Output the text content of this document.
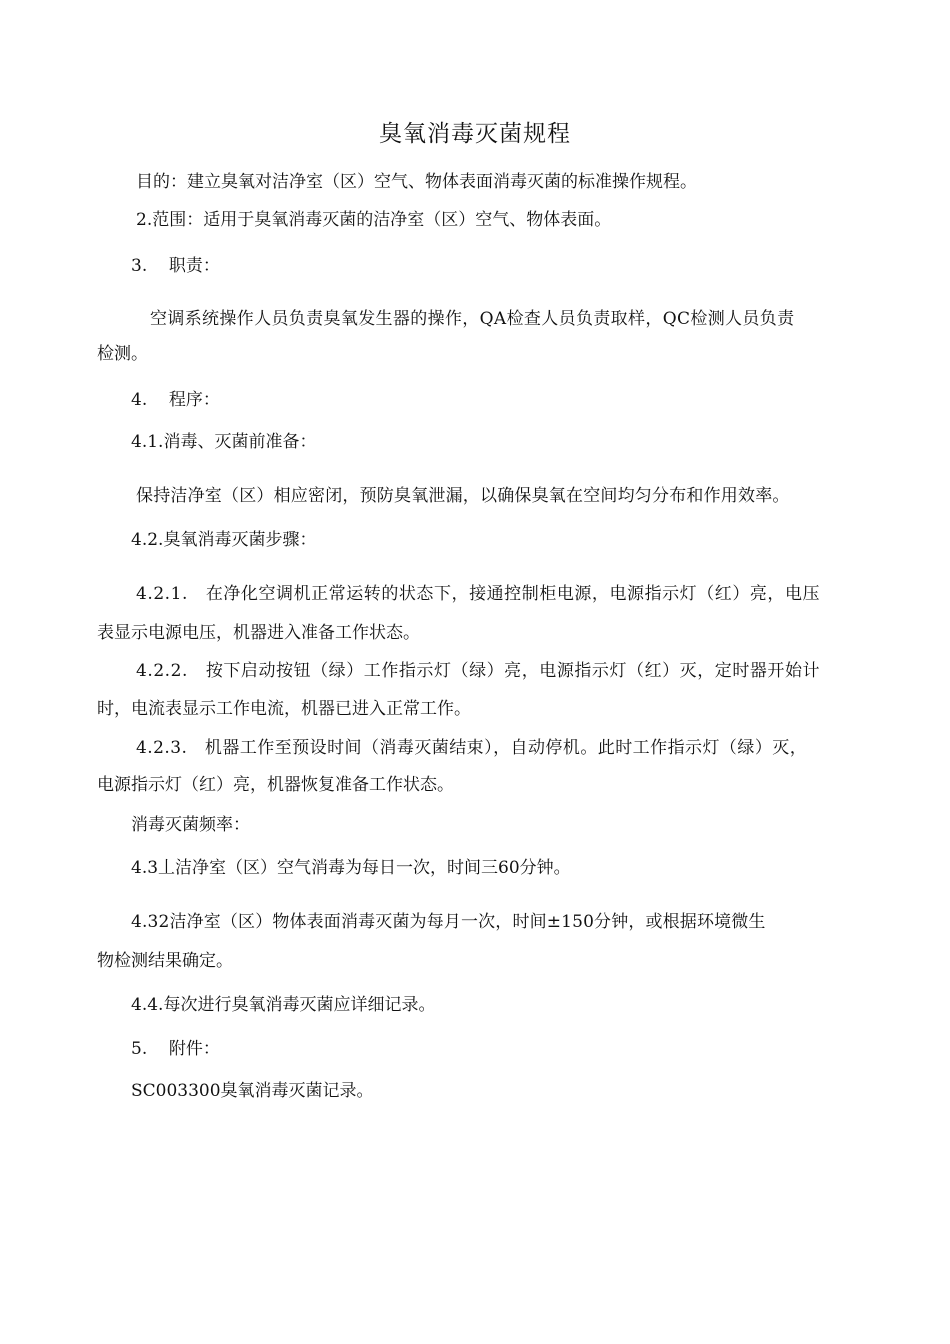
臭氧消毒灭菌规程
目的：建立臭氧对洁净室（区）空气、物体表面消毒灭菌的标准操作规程。
2.范围：适用于臭氧消毒灭菌的洁净室（区）空气、物体表面。
3.    职责：
空调系统操作人员负责臭氧发生器的操作，QA检查人员负责取样，QC检测人员负责
检测。
4.    程序：
4.1.消毒、灭菌前准备：
保持洁净室（区）相应密闭，预防臭氧泄漏，以确保臭氧在空间均匀分布和作用效率。
4.2.臭氧消毒灭菌步骤：
4.2.1.   在净化空调机正常运转的状态下，接通控制柜电源，电源指示灯（红）亮，电压
表显示电源电压，机器进入准备工作状态。
4.2.2.   按下启动按钮（绿）工作指示灯（绿）亮，电源指示灯（红）灭，定时器开始计
时，电流表显示工作电流，机器已进入正常工作。
4.2.3.   机器工作至预设时间（消毒灭菌结束），自动停机。此时工作指示灯（绿）灭，
电源指示灯（红）亮，机器恢复准备工作状态。
消毒灭菌频率：
4.3丄洁净室（区）空气消毒为每日一次，时间三60分钟。
4.32洁净室（区）物体表面消毒灭菌为每月一次，时间±150分钟，或根据环境微生
物检测结果确定。
4.4.每次进行臭氧消毒灭菌应详细记录。
5.    附件：
SC003300臭氧消毒灭菌记录。
